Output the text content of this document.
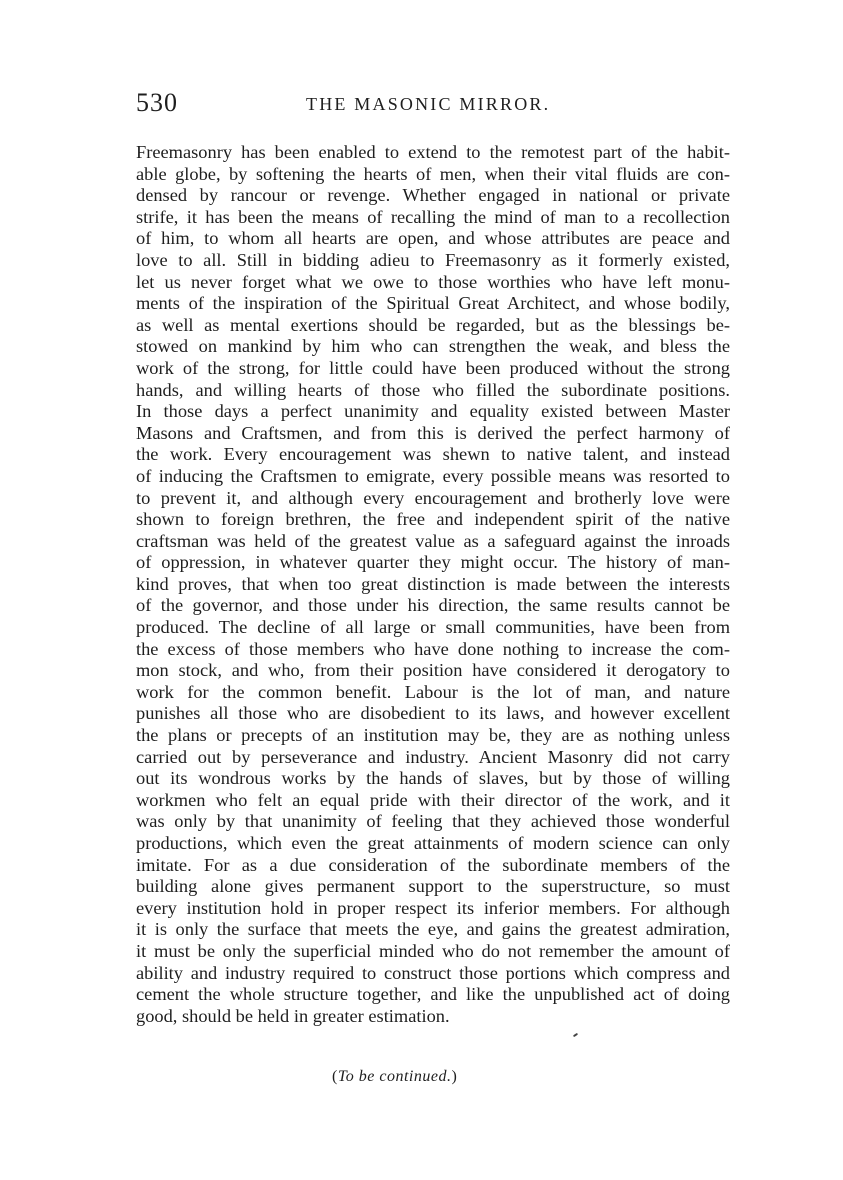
530	THE MASONIC MIRROR.
Freemasonry has been enabled to extend to the remotest part of the habit-
able globe, by softening the hearts of men, when their vital fluids are con-
densed by rancour or revenge. Whether engaged in national or private
strife, it has been the means of recalling the mind of man to a recollection
of him, to whom all hearts are open, and whose attributes are peace and
love to all. Still in bidding adieu to Freemasonry as it formerly existed,
let us never forget what we owe to those worthies who have left monu-
ments of the inspiration of the Spiritual Great Architect, and whose bodily,
as well as mental exertions should be regarded, but as the blessings be-
stowed on mankind by him who can strengthen the weak, and bless the
work of the strong, for little could have been produced without the strong
hands, and willing hearts of those who filled the subordinate positions.
In those days a perfect unanimity and equality existed between Master
Masons and Craftsmen, and from this is derived the perfect harmony of
the work. Every encouragement was shewn to native talent, and instead
of inducing the Craftsmen to emigrate, every possible means was resorted to
to prevent it, and although every encouragement and brotherly love were
shown to foreign brethren, the free and independent spirit of the native
craftsman was held of the greatest value as a safeguard against the inroads
of oppression, in whatever quarter they might occur. The history of man-
kind proves, that when too great distinction is made between the interests
of the governor, and those under his direction, the same results cannot be
produced. The decline of all large or small communities, have been from
the excess of those members who have done nothing to increase the com-
mon stock, and who, from their position have considered it derogatory to
work for the common benefit. Labour is the lot of man, and nature
punishes all those who are disobedient to its laws, and however excellent
the plans or precepts of an institution may be, they are as nothing unless
carried out by perseverance and industry. Ancient Masonry did not carry
out its wondrous works by the hands of slaves, but by those of willing
workmen who felt an equal pride with their director of the work, and it
was only by that unanimity of feeling that they achieved those wonderful
productions, which even the great attainments of modern science can only
imitate. For as a due consideration of the subordinate members of the
building alone gives permanent support to the superstructure, so must
every institution hold in proper respect its inferior members. For although
it is only the surface that meets the eye, and gains the greatest admiration,
it must be only the superficial minded who do not remember the amount of
ability and industry required to construct those portions which compress and
cement the whole structure together, and like the unpublished act of doing
good, should be held in greater estimation.
(To be continued.)
